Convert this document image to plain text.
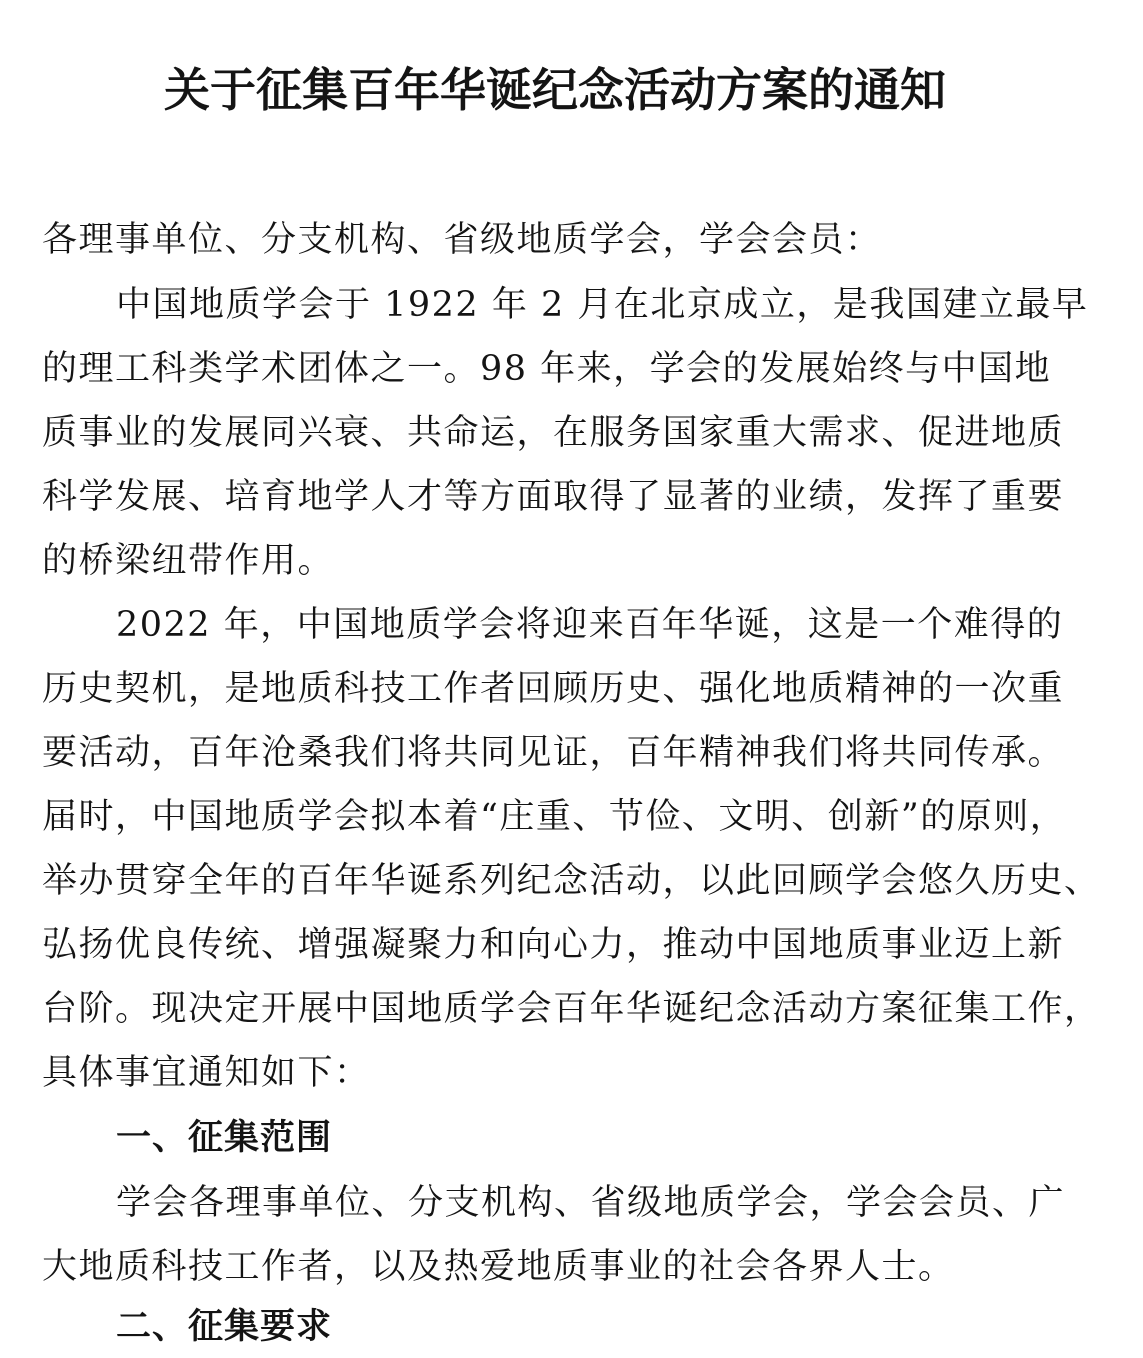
关于征集百年华诞纪念活动方案的通知
各理事单位、分支机构、省级地质学会，学会会员：
中国地质学会于 1922 年 2 月在北京成立，是我国建立最早
的理工科类学术团体之一。98 年来，学会的发展始终与中国地
质事业的发展同兴衰、共命运，在服务国家重大需求、促进地质
科学发展、培育地学人才等方面取得了显著的业绩，发挥了重要
的桥梁纽带作用。
2022 年，中国地质学会将迎来百年华诞，这是一个难得的
历史契机，是地质科技工作者回顾历史、强化地质精神的一次重
要活动，百年沧桑我们将共同见证，百年精神我们将共同传承。
届时，中国地质学会拟本着“庄重、节俭、文明、创新”的原则，
举办贯穿全年的百年华诞系列纪念活动，以此回顾学会悠久历史、
弘扬优良传统、增强凝聚力和向心力，推动中国地质事业迈上新
台阶。现决定开展中国地质学会百年华诞纪念活动方案征集工作，
具体事宜通知如下：
一、征集范围
学会各理事单位、分支机构、省级地质学会，学会会员、广
大地质科技工作者，以及热爱地质事业的社会各界人士。
二、征集要求
